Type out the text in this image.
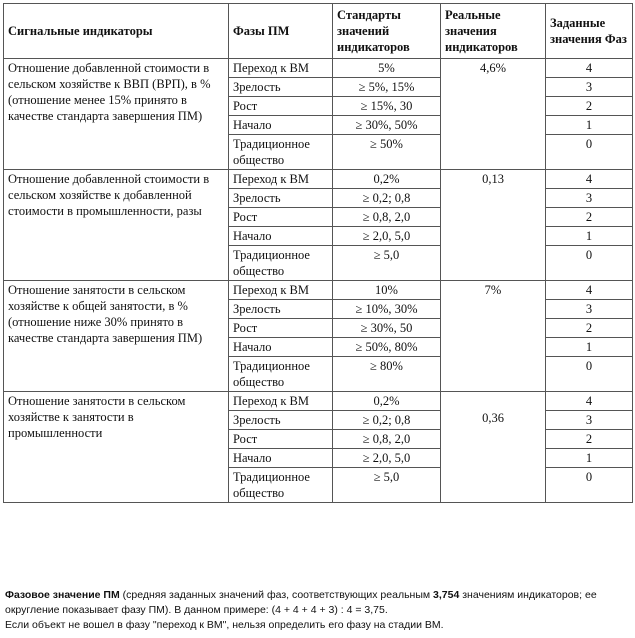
Сигнальные индикаторы	Фазы ПМ	Стандарты значений индикаторов	Реальные значения индикаторов	Заданные значения Фаз
Отношение добавленной стоимости в сельском хозяйстве к ВВП (ВРП), в % (отношение менее 15% принято в качестве стандарта завершения ПМ)	Переход к ВМ	5%	4,6%	4
	Зрелость	≥ 5%, 15%		3
	Рост	≥ 15%, 30		2
	Начало	≥ 30%, 50%		1
	Традиционное общество	≥ 50%		0
Отношение добавленной стоимости в сельском хозяйстве к добавленной стоимости в промышленности, разы	Переход к ВМ	0,2%	0,13	4
	Зрелость	≥ 0,2; 0,8		3
	Рост	≥ 0,8, 2,0		2
	Начало	≥ 2,0, 5,0		1
	Традиционное общество	≥ 5,0		0
Отношение занятости в сельском хозяйстве к общей занятости, в % (отношение ниже 30% принято в качестве стандарта завершения ПМ)	Переход к ВМ	10%	7%	4
	Зрелость	≥ 10%, 30%		3
	Рост	≥ 30%, 50		2
	Начало	≥ 50%, 80%		1
	Традиционное общество	≥ 80%		0
Отношение занятости в сельском хозяйстве к занятости в промышленности	Переход к ВМ	0,2%	0,36	4
	Зрелость	≥ 0,2; 0,8		3
	Рост	≥ 0,8, 2,0		2
	Начало	≥ 2,0, 5,0		1
	Традиционное общество	≥ 5,0		0
Фазовое значение ПМ (средняя заданных значений фаз, соответствующих реальным 3,754 значениям индикаторов; ее округление показывает фазу ПМ). В данном примере: (4 + 4 + 4 + 3) : 4 = 3,75.
Если объект не вошел в фазу "переход к ВМ", нельзя определить его фазу на стадии ВМ.
